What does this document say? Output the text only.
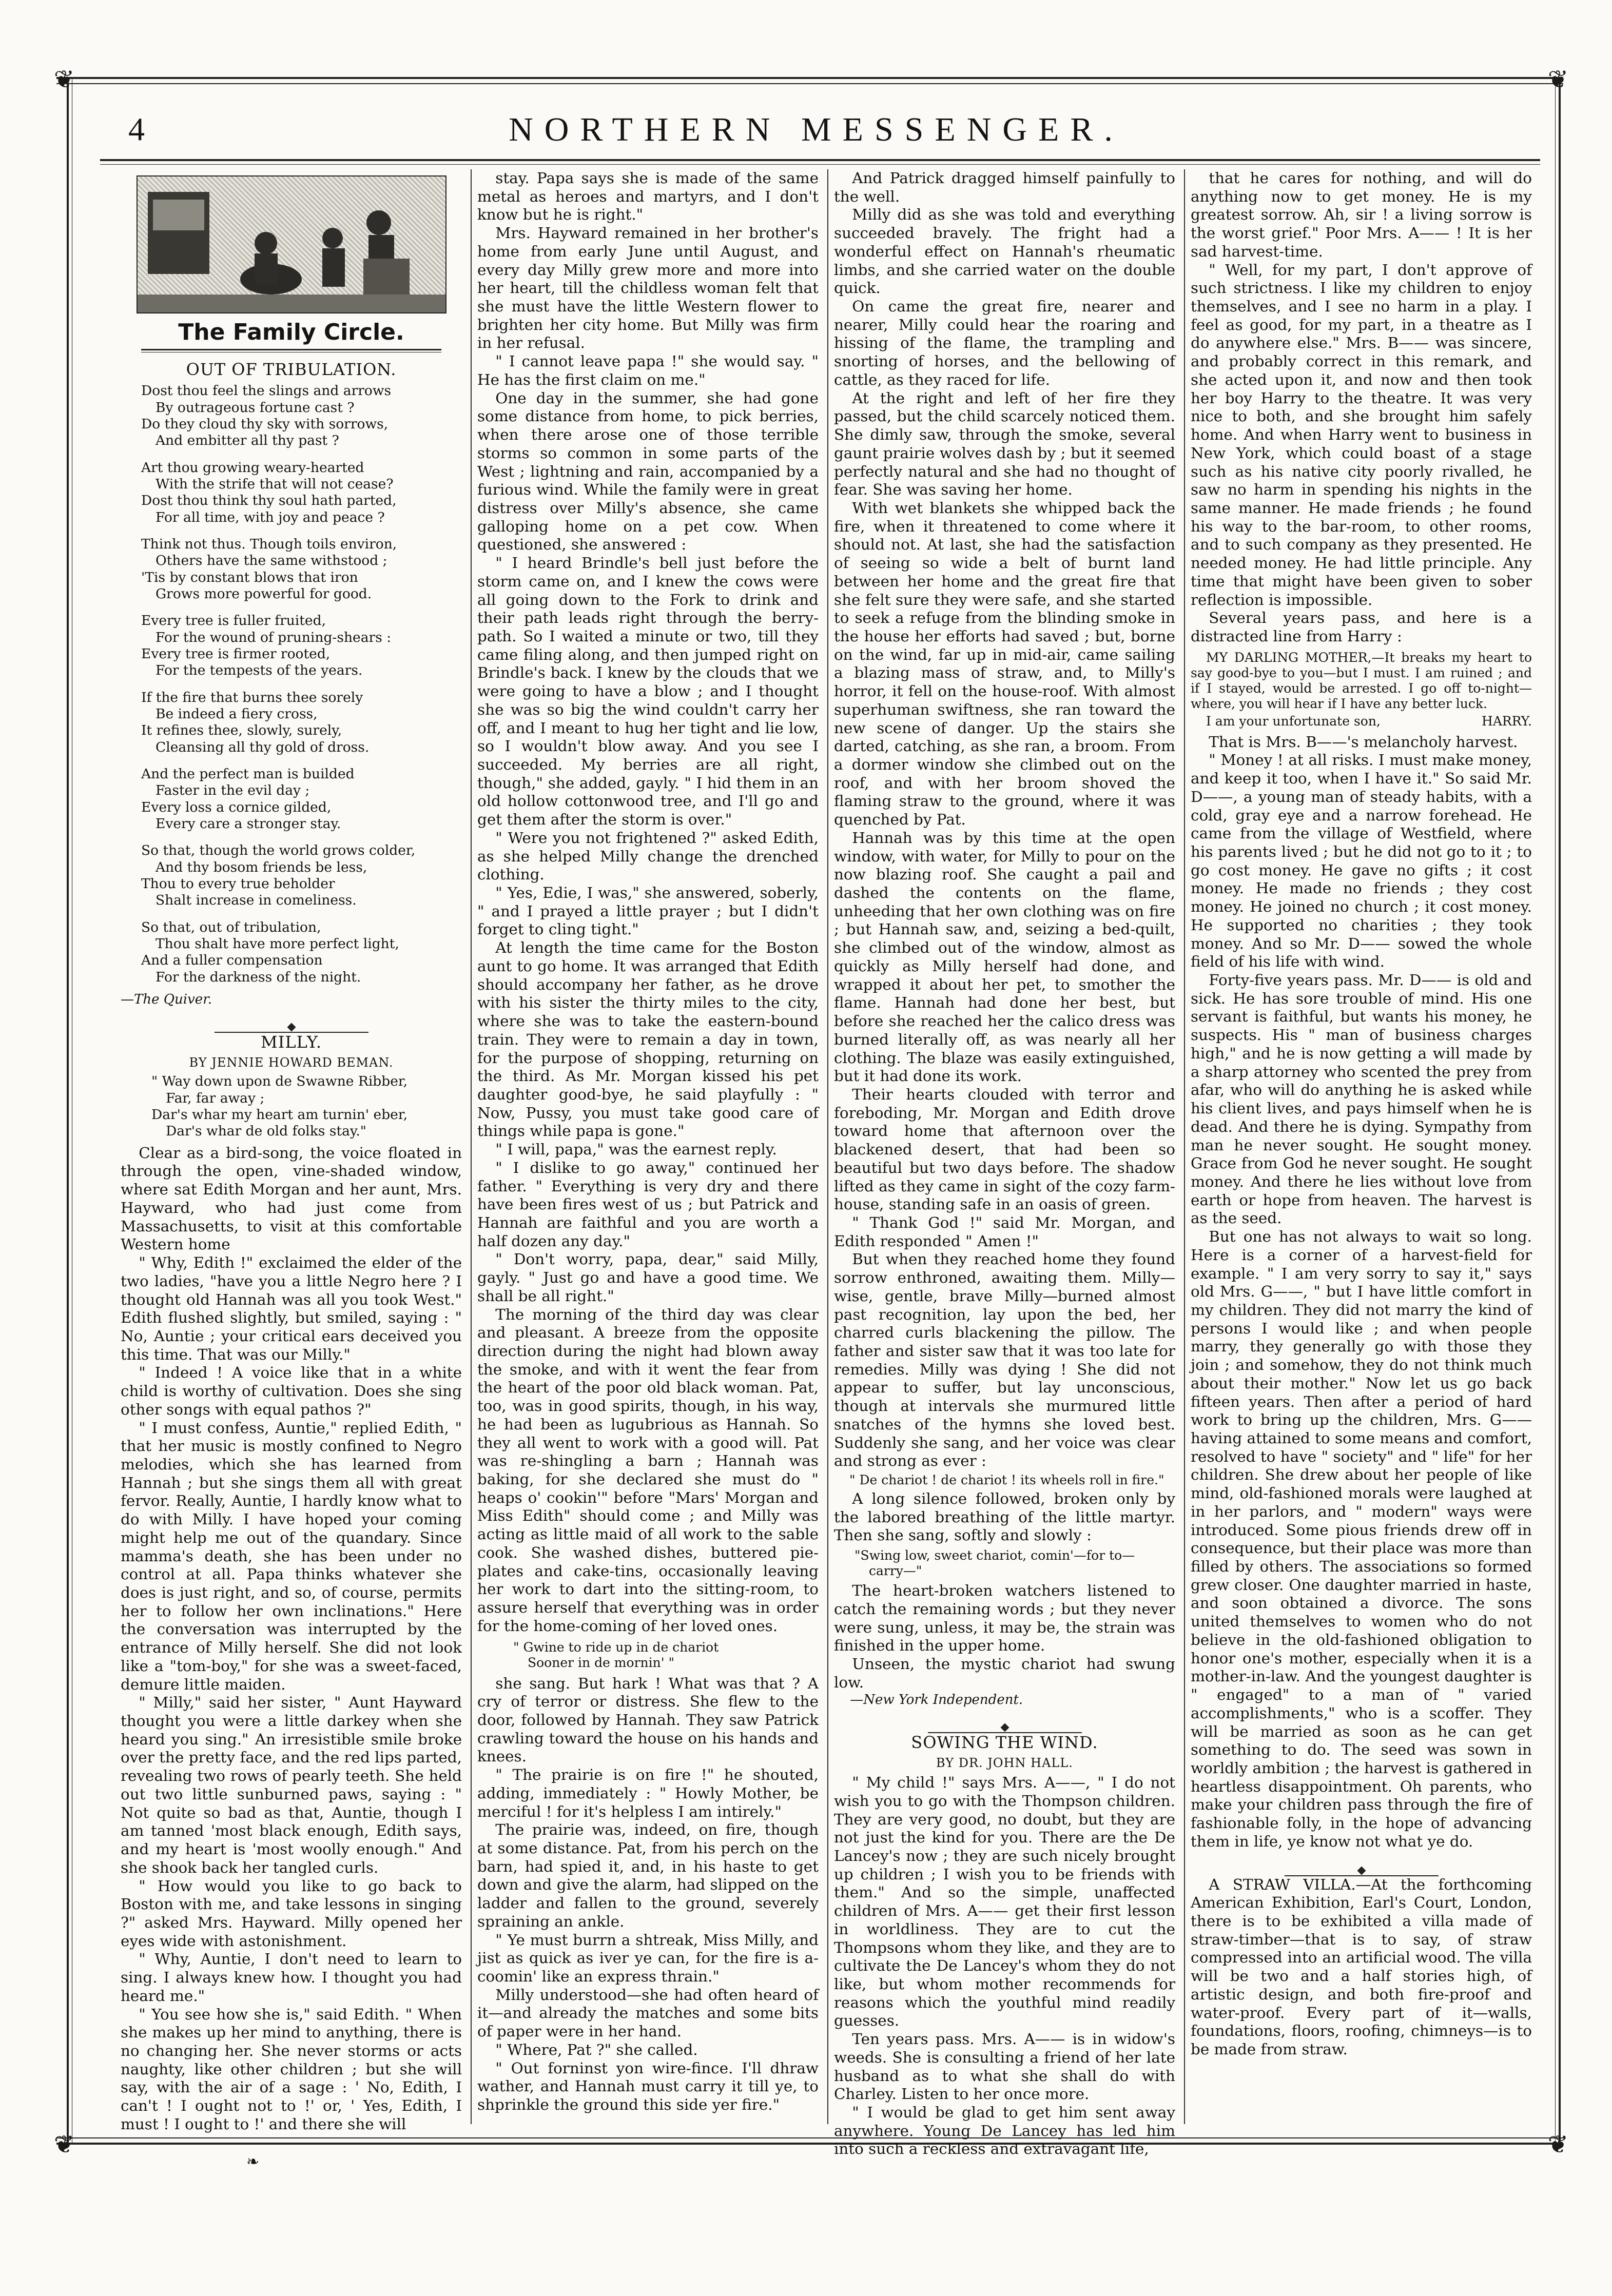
❦	❦
❦	❦
4	NORTHERN MESSENGER.
The Family Circle.
OUT OF TRIBULATION.
Dost thou feel the slings and arrows
By outrageous fortune cast ?
Do they cloud thy sky with sorrows,
And embitter all thy past ?
Art thou growing weary-hearted
With the strife that will not cease?
Dost thou think thy soul hath parted,
For all time, with joy and peace ?
Think not thus. Though toils environ,
Others have the same withstood ;
'Tis by constant blows that iron
Grows more powerful for good.
Every tree is fuller fruited,
For the wound of pruning-shears :
Every tree is firmer rooted,
For the tempests of the years.
If the fire that burns thee sorely
Be indeed a fiery cross,
It refines thee, slowly, surely,
Cleansing all thy gold of dross.
And the perfect man is builded
Faster in the evil day ;
Every loss a cornice gilded,
Every care a stronger stay.
So that, though the world grows colder,
And thy bosom friends be less,
Thou to every true beholder
Shalt increase in comeliness.
So that, out of tribulation,
Thou shalt have more perfect light,
And a fuller compensation
For the darkness of the night.
—The Quiver.
MILLY.
BY JENNIE HOWARD BEMAN.
" Way down upon de Swawne Ribber,
Far, far away ;
Dar's whar my heart am turnin' eber,
Dar's whar de old folks stay."

Clear as a bird-song, the voice floated in through the open, vine-shaded window, where sat Edith Morgan and her aunt, Mrs. Hayward, who had just come from Massachusetts, to visit at this comfortable Western home

" Why, Edith !" exclaimed the elder of the two ladies, "have you a little Negro here ? I thought old Hannah was all you took West." Edith flushed slightly, but smiled, saying : " No, Auntie ; your critical ears deceived you this time. That was our Milly."

" Indeed ! A voice like that in a white child is worthy of cultivation. Does she sing other songs with equal pathos ?"

" I must confess, Auntie," replied Edith, " that her music is mostly confined to Negro melodies, which she has learned from Hannah ; but she sings them all with great fervor. Really, Auntie, I hardly know what to do with Milly. I have hoped your coming might help me out of the quandary. Since mamma's death, she has been under no control at all. Papa thinks whatever she does is just right, and so, of course, permits her to follow her own inclinations." Here the conversation was interrupted by the entrance of Milly herself. She did not look like a "tom-boy," for she was a sweet-faced, demure little maiden.

" Milly," said her sister, " Aunt Hayward thought you were a little darkey when she heard you sing." An irresistible smile broke over the pretty face, and the red lips parted, revealing two rows of pearly teeth. She held out two little sunburned paws, saying : " Not quite so bad as that, Auntie, though I am tanned 'most black enough, Edith says, and my heart is 'most woolly enough." And she shook back her tangled curls.

" How would you like to go back to Boston with me, and take lessons in singing ?" asked Mrs. Hayward. Milly opened her eyes wide with astonishment.

" Why, Auntie, I don't need to learn to sing. I always knew how. I thought you had heard me."

" You see how she is," said Edith. " When she makes up her mind to anything, there is no changing her. She never storms or acts naughty, like other children ; but she will say, with the air of a sage : ' No, Edith, I can't ! I ought not to !' or, ' Yes, Edith, I must ! I ought to !' and there she will

stay. Papa says she is made of the same metal as heroes and martyrs, and I don't know but he is right."

Mrs. Hayward remained in her brother's home from early June until August, and every day Milly grew more and more into her heart, till the childless woman felt that she must have the little Western flower to brighten her city home. But Milly was firm in her refusal.

" I cannot leave papa !" she would say. " He has the first claim on me."

One day in the summer, she had gone some distance from home, to pick berries, when there arose one of those terrible storms so common in some parts of the West ; lightning and rain, accompanied by a furious wind. While the family were in great distress over Milly's absence, she came galloping home on a pet cow. When questioned, she answered :

" I heard Brindle's bell just before the storm came on, and I knew the cows were all going down to the Fork to drink and their path leads right through the berry-path. So I waited a minute or two, till they came filing along, and then jumped right on Brindle's back. I knew by the clouds that we were going to have a blow ; and I thought she was so big the wind couldn't carry her off, and I meant to hug her tight and lie low, so I wouldn't blow away. And you see I succeeded. My berries are all right, though," she added, gayly. " I hid them in an old hollow cottonwood tree, and I'll go and get them after the storm is over."

" Were you not frightened ?" asked Edith, as she helped Milly change the drenched clothing.

" Yes, Edie, I was," she answered, soberly, " and I prayed a little prayer ; but I didn't forget to cling tight."

At length the time came for the Boston aunt to go home. It was arranged that Edith should accompany her father, as he drove with his sister the thirty miles to the city, where she was to take the eastern-bound train. They were to remain a day in town, for the purpose of shopping, returning on the third. As Mr. Morgan kissed his pet daughter good-bye, he said playfully : " Now, Pussy, you must take good care of things while papa is gone."

" I will, papa," was the earnest reply.

" I dislike to go away," continued her father. " Everything is very dry and there have been fires west of us ; but Patrick and Hannah are faithful and you are worth a half dozen any day."

" Don't worry, papa, dear," said Milly, gayly. " Just go and have a good time. We shall be all right."

The morning of the third day was clear and pleasant. A breeze from the opposite direction during the night had blown away the smoke, and with it went the fear from the heart of the poor old black woman. Pat, too, was in good spirits, though, in his way, he had been as lugubrious as Hannah. So they all went to work with a good will. Pat was re-shingling a barn ; Hannah was baking, for she declared she must do " heaps o' cookin'" before "Mars' Morgan and Miss Edith" should come ; and Milly was acting as little maid of all work to the sable cook. She washed dishes, buttered pie-plates and cake-tins, occasionally leaving her work to dart into the sitting-room, to assure herself that everything was in order for the home-coming of her loved ones.

" Gwine to ride up in de chariot
Sooner in de mornin' "

she sang. But hark ! What was that ? A cry of terror or distress. She flew to the door, followed by Hannah. They saw Patrick crawling toward the house on his hands and knees.

" The prairie is on fire !" he shouted, adding, immediately : " Howly Mother, be merciful ! for it's helpless I am intirely."

The prairie was, indeed, on fire, though at some distance. Pat, from his perch on the barn, had spied it, and, in his haste to get down and give the alarm, had slipped on the ladder and fallen to the ground, severely spraining an ankle.

" Ye must burrn a shtreak, Miss Milly, and jist as quick as iver ye can, for the fire is a-coomin' like an express thrain."

Milly understood—she had often heard of it—and already the matches and some bits of paper were in her hand.

" Where, Pat ?" she called.

" Out forninst yon wire-fince. I'll dhraw wather, and Hannah must carry it till ye, to shprinkle the ground this side yer fire."

And Patrick dragged himself painfully to the well.

Milly did as she was told and everything succeeded bravely. The fright had a wonderful effect on Hannah's rheumatic limbs, and she carried water on the double quick.

On came the great fire, nearer and nearer, Milly could hear the roaring and hissing of the flame, the trampling and snorting of horses, and the bellowing of cattle, as they raced for life.

At the right and left of her fire they passed, but the child scarcely noticed them. She dimly saw, through the smoke, several gaunt prairie wolves dash by ; but it seemed perfectly natural and she had no thought of fear. She was saving her home.

With wet blankets she whipped back the fire, when it threatened to come where it should not. At last, she had the satisfaction of seeing so wide a belt of burnt land between her home and the great fire that she felt sure they were safe, and she started to seek a refuge from the blinding smoke in the house her efforts had saved ; but, borne on the wind, far up in mid-air, came sailing a blazing mass of straw, and, to Milly's horror, it fell on the house-roof. With almost superhuman swiftness, she ran toward the new scene of danger. Up the stairs she darted, catching, as she ran, a broom. From a dormer window she climbed out on the roof, and with her broom shoved the flaming straw to the ground, where it was quenched by Pat.

Hannah was by this time at the open window, with water, for Milly to pour on the now blazing roof. She caught a pail and dashed the contents on the flame, unheeding that her own clothing was on fire ; but Hannah saw, and, seizing a bed-quilt, she climbed out of the window, almost as quickly as Milly herself had done, and wrapped it about her pet, to smother the flame. Hannah had done her best, but before she reached her the calico dress was burned literally off, as was nearly all her clothing. The blaze was easily extinguished, but it had done its work.

Their hearts clouded with terror and foreboding, Mr. Morgan and Edith drove toward home that afternoon over the blackened desert, that had been so beautiful but two days before. The shadow lifted as they came in sight of the cozy farm-house, standing safe in an oasis of green.

" Thank God !" said Mr. Morgan, and Edith responded " Amen !"

But when they reached home they found sorrow enthroned, awaiting them. Milly—wise, gentle, brave Milly—burned almost past recognition, lay upon the bed, her charred curls blackening the pillow. The father and sister saw that it was too late for remedies. Milly was dying ! She did not appear to suffer, but lay unconscious, though at intervals she murmured little snatches of the hymns she loved best. Suddenly she sang, and her voice was clear and strong as ever :

" De chariot ! de chariot ! its wheels roll in fire."

A long silence followed, broken only by the labored breathing of the little martyr. Then she sang, softly and slowly :

"Swing low, sweet chariot, comin'—for to—
carry—"

The heart-broken watchers listened to catch the remaining words ; but they never were sung, unless, it may be, the strain was finished in the upper home.

Unseen, the mystic chariot had swung low.

—New York Independent.

SOWING THE WIND.
BY DR. JOHN HALL.

" My child !" says Mrs. A——, " I do not wish you to go with the Thompson children. They are very good, no doubt, but they are not just the kind for you. There are the De Lancey's now ; they are such nicely brought up children ; I wish you to be friends with them." And so the simple, unaffected children of Mrs. A—— get their first lesson in worldliness. They are to cut the Thompsons whom they like, and they are to cultivate the De Lancey's whom they do not like, but whom mother recommends for reasons which the youthful mind readily guesses.

Ten years pass. Mrs. A—— is in widow's weeds. She is consulting a friend of her late husband as to what she shall do with Charley. Listen to her once more.

" I would be glad to get him sent away anywhere. Young De Lancey has led him into such a reckless and extravagant life,

that he cares for nothing, and will do anything now to get money. He is my greatest sorrow. Ah, sir ! a living sorrow is the worst grief." Poor Mrs. A—— ! It is her sad harvest-time.

" Well, for my part, I don't approve of such strictness. I like my children to enjoy themselves, and I see no harm in a play. I feel as good, for my part, in a theatre as I do anywhere else." Mrs. B—— was sincere, and probably correct in this remark, and she acted upon it, and now and then took her boy Harry to the theatre. It was very nice to both, and she brought him safely home. And when Harry went to business in New York, which could boast of a stage such as his native city poorly rivalled, he saw no harm in spending his nights in the same manner. He made friends ; he found his way to the bar-room, to other rooms, and to such company as they presented. He needed money. He had little principle. Any time that might have been given to sober reflection is impossible.

Several years pass, and here is a distracted line from Harry :

MY DARLING MOTHER,—It breaks my heart to say good-bye to you—but I must. I am ruined ; and if I stayed, would be arrested. I go off to-night—where, you will hear if I have any better luck.

I am your unfortunate son,	HARRY.

That is Mrs. B——'s melancholy harvest.

" Money ! at all risks. I must make money, and keep it too, when I have it." So said Mr. D——, a young man of steady habits, with a cold, gray eye and a narrow forehead. He came from the village of Westfield, where his parents lived ; but he did not go to it ; to go cost money. He gave no gifts ; it cost money. He made no friends ; they cost money. He joined no church ; it cost money. He supported no charities ; they took money. And so Mr. D—— sowed the whole field of his life with wind.

Forty-five years pass. Mr. D—— is old and sick. He has sore trouble of mind. His one servant is faithful, but wants his money, he suspects. His " man of business charges high," and he is now getting a will made by a sharp attorney who scented the prey from afar, who will do anything he is asked while his client lives, and pays himself when he is dead. And there he is dying. Sympathy from man he never sought. He sought money. Grace from God he never sought. He sought money. And there he lies without love from earth or hope from heaven. The harvest is as the seed.

But one has not always to wait so long. Here is a corner of a harvest-field for example. " I am very sorry to say it," says old Mrs. G——, " but I have little comfort in my children. They did not marry the kind of persons I would like ; and when people marry, they generally go with those they join ; and somehow, they do not think much about their mother." Now let us go back fifteen years. Then after a period of hard work to bring up the children, Mrs. G—— having attained to some means and comfort, resolved to have " society" and " life" for her children. She drew about her people of like mind, old-fashioned morals were laughed at in her parlors, and " modern" ways were introduced. Some pious friends drew off in consequence, but their place was more than filled by others. The associations so formed grew closer. One daughter married in haste, and soon obtained a divorce. The sons united themselves to women who do not believe in the old-fashioned obligation to honor one's mother, especially when it is a mother-in-law. And the youngest daughter is " engaged" to a man of " varied accomplishments," who is a scoffer. They will be married as soon as he can get something to do. The seed was sown in worldly ambition ; the harvest is gathered in heartless disappointment. Oh parents, who make your children pass through the fire of fashionable folly, in the hope of advancing them in life, ye know not what ye do.

A STRAW VILLA.—At the forthcoming American Exhibition, Earl's Court, London, there is to be exhibited a villa made of straw-timber—that is to say, of straw compressed into an artificial wood. The villa will be two and a half stories high, of artistic design, and both fire-proof and water-proof. Every part of it—walls, foundations, floors, roofing, chimneys—is to be made from straw.

❧
